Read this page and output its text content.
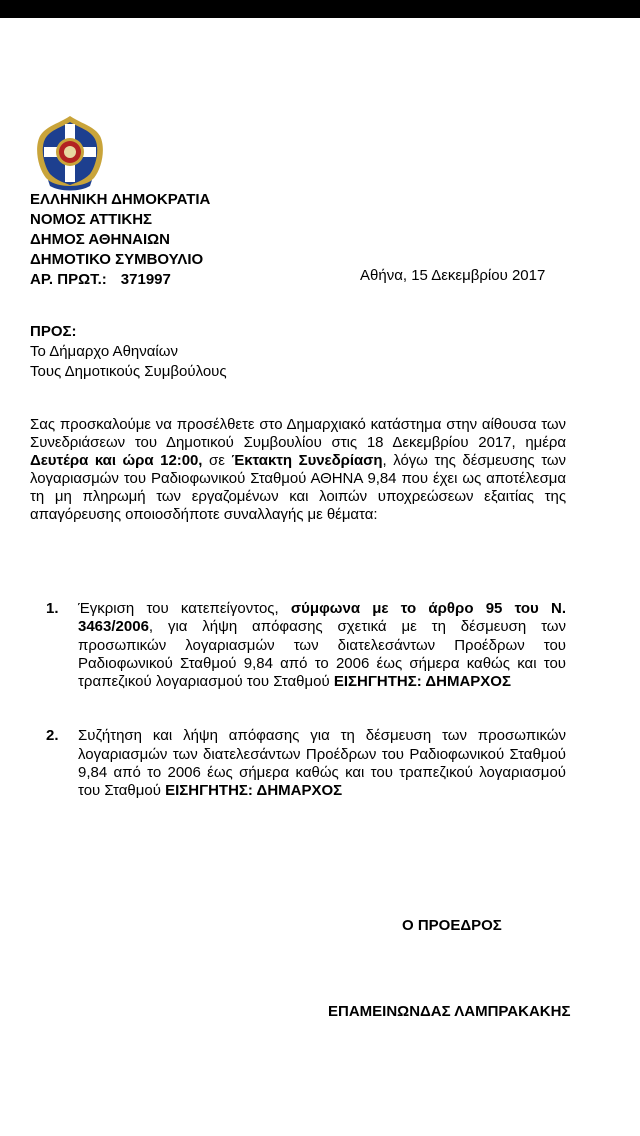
ΕΛΛΗΝΙΚΗ ΔΗΜΟΚΡΑΤΙΑ
ΝΟΜΟΣ ΑΤΤΙΚΗΣ
ΔΗΜΟΣ ΑΘΗΝΑΙΩΝ
ΔΗΜΟΤΙΚΟ ΣΥΜΒΟΥΛΙΟ
ΑΡ. ΠΡΩΤ.: 371997	Αθήνα, 15 Δεκεμβρίου 2017
ΠΡΟΣ:
Το Δήμαρχο Αθηναίων
Τους Δημοτικούς Συμβούλους
Σας προσκαλούμε να προσέλθετε στο Δημαρχιακό κατάστημα στην αίθουσα των Συνεδριάσεων του Δημοτικού Συμβουλίου στις 18 Δεκεμβρίου 2017, ημέρα Δευτέρα και ώρα 12:00, σε Έκτακτη Συνεδρίαση, λόγω της δέσμευσης των λογαριασμών του Ραδιοφωνικού Σταθμού ΑΘΗΝΑ 9,84 που έχει ως αποτέλεσμα τη μη πληρωμή των εργαζομένων και λοιπών υποχρεώσεων εξαιτίας της απαγόρευσης οποιοσδήποτε συναλλαγής με θέματα:
1. Έγκριση του κατεπείγοντος, σύμφωνα με το άρθρο 95 του Ν. 3463/2006, για λήψη απόφασης σχετικά με τη δέσμευση των προσωπικών λογαριασμών των διατελεσάντων Προέδρων του Ραδιοφωνικού Σταθμού 9,84 από το 2006 έως σήμερα καθώς και του τραπεζικού λογαριασμού του Σταθμού ΕΙΣΗΓΗΤΗΣ: ΔΗΜΑΡΧΟΣ
2. Συζήτηση και λήψη απόφασης για τη δέσμευση των προσωπικών λογαριασμών των διατελεσάντων Προέδρων του Ραδιοφωνικού Σταθμού 9,84 από το 2006 έως σήμερα καθώς και του τραπεζικού λογαριασμού του Σταθμού ΕΙΣΗΓΗΤΗΣ: ΔΗΜΑΡΧΟΣ
Ο ΠΡΟΕΔΡΟΣ
ΕΠΑΜΕΙΝΩΝΔΑΣ ΛΑΜΠΡΑΚΑΚΗΣ
